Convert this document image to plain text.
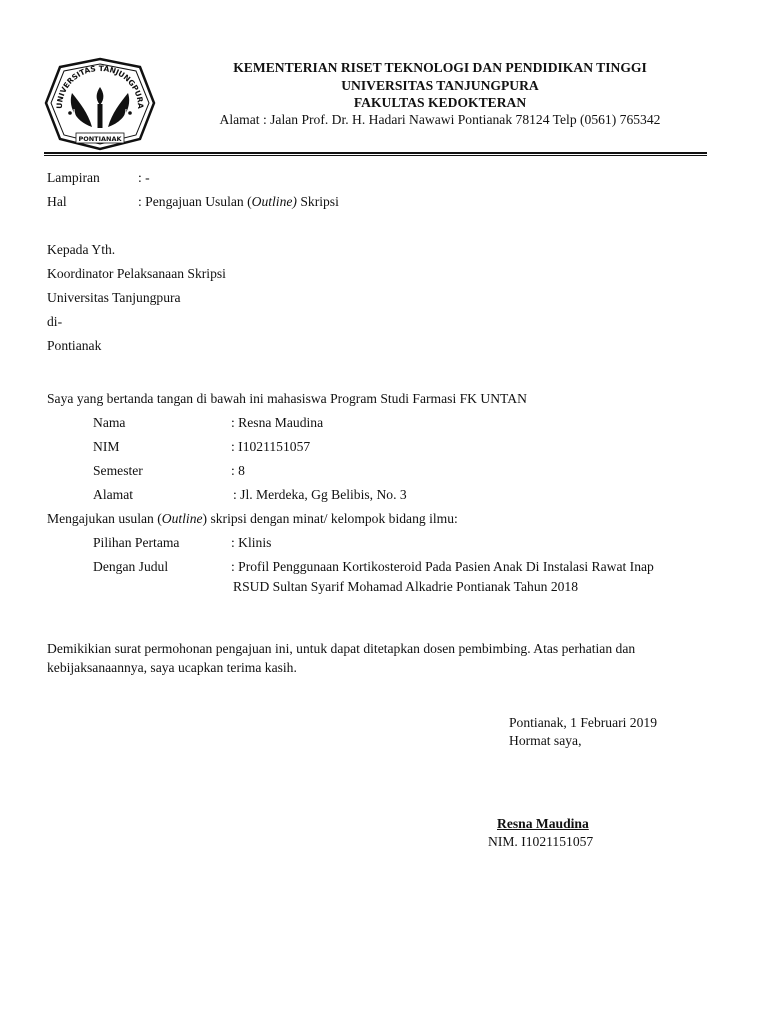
UNIVERSITAS TANJUNGPURA
PONTIANAK
KEMENTERIAN RISET TEKNOLOGI DAN PENDIDIKAN TINGGI
UNIVERSITAS TANJUNGPURA
FAKULTAS KEDOKTERAN
Alamat : Jalan Prof. Dr. H. Hadari Nawawi Pontianak 78124 Telp (0561) 765342
Lampiran	: -
Hal	: Pengajuan Usulan (Outline) Skripsi
Kepada Yth.
Koordinator Pelaksanaan Skripsi
Universitas Tanjungpura
di-
Pontianak
Saya yang bertanda tangan di bawah ini mahasiswa Program Studi Farmasi FK UNTAN
Nama	: Resna Maudina
NIM	: I1021151057
Semester	: 8
Alamat	: Jl. Merdeka, Gg Belibis, No. 3
Mengajukan usulan (Outline) skripsi dengan minat/ kelompok bidang ilmu:
Pilihan Pertama	: Klinis
Dengan Judul	: Profil Penggunaan Kortikosteroid Pada Pasien Anak Di Instalasi Rawat Inap
RSUD Sultan Syarif Mohamad Alkadrie Pontianak Tahun 2018
Demikikian surat permohonan pengajuan ini, untuk dapat ditetapkan dosen pembimbing. Atas perhatian dan
kebijaksanaannya, saya ucapkan terima kasih.
Pontianak, 1 Februari 2019
Hormat saya,
Resna Maudina
NIM. I1021151057
